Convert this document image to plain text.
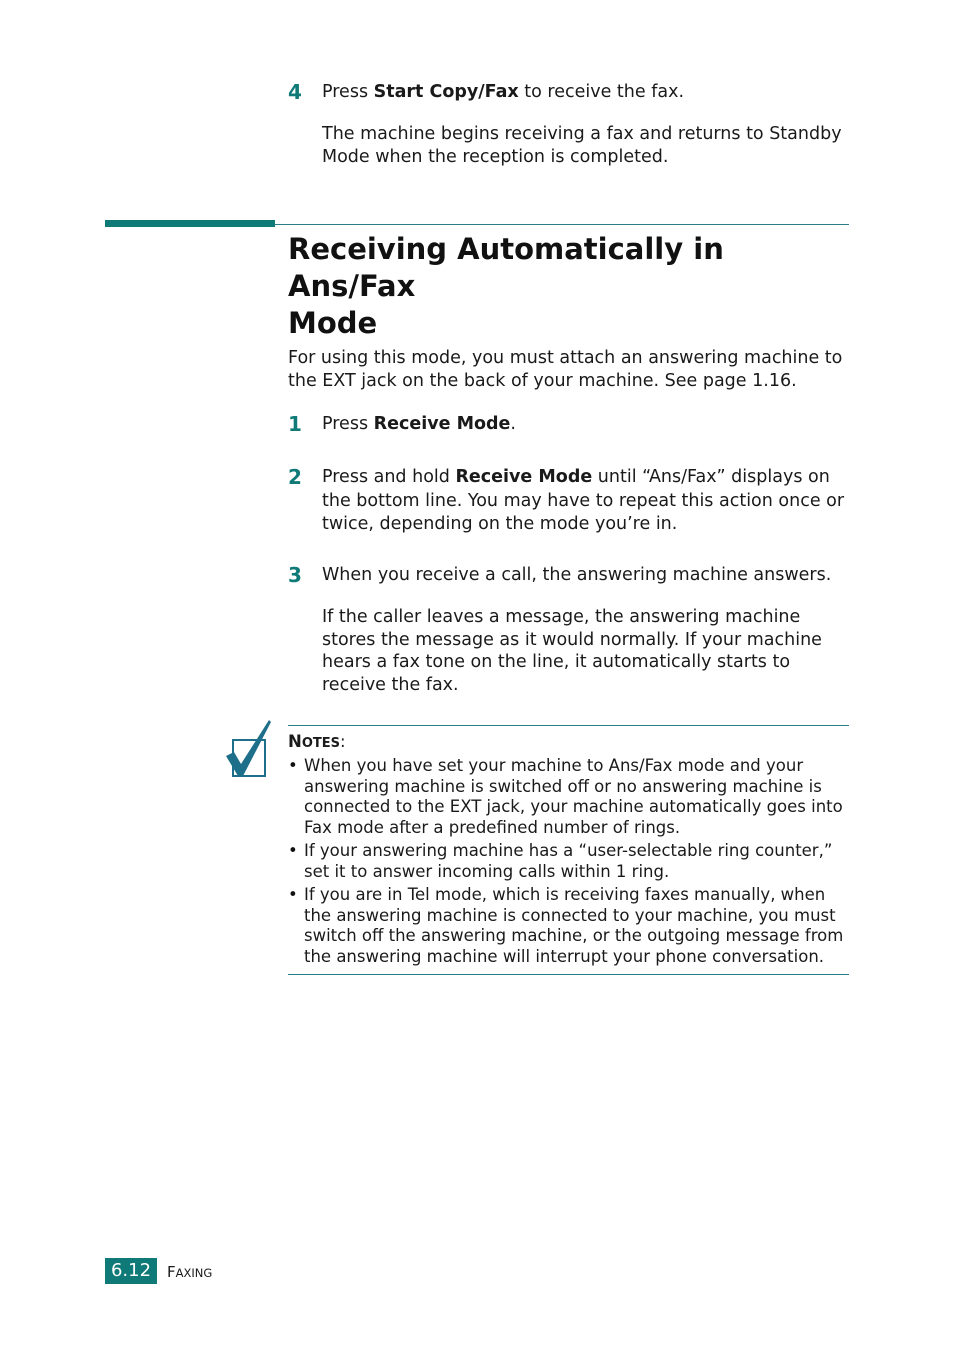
4 Press Start Copy/Fax to receive the fax.
The machine begins receiving a fax and returns to Standby
Mode when the reception is completed.
Receiving Automatically in Ans/Fax
Mode
For using this mode, you must attach an answering machine to
the EXT jack on the back of your machine. See page 1.16.
1 Press Receive Mode.
2 Press and hold Receive Mode until “Ans/Fax” displays on
the bottom line. You may have to repeat this action once or
twice, depending on the mode you’re in.
3 When you receive a call, the answering machine answers.
If the caller leaves a message, the answering machine
stores the message as it would normally. If your machine
hears a fax tone on the line, it automatically starts to
receive the fax.
NOTES:
• When you have set your machine to Ans/Fax mode and your
answering machine is switched off or no answering machine is
connected to the EXT jack, your machine automatically goes into
Fax mode after a predefined number of rings.
• If your answering machine has a “user-selectable ring counter,”
set it to answer incoming calls within 1 ring.
• If you are in Tel mode, which is receiving faxes manually, when
the answering machine is connected to your machine, you must
switch off the answering machine, or the outgoing message from
the answering machine will interrupt your phone conversation.
6.12	FAXING
